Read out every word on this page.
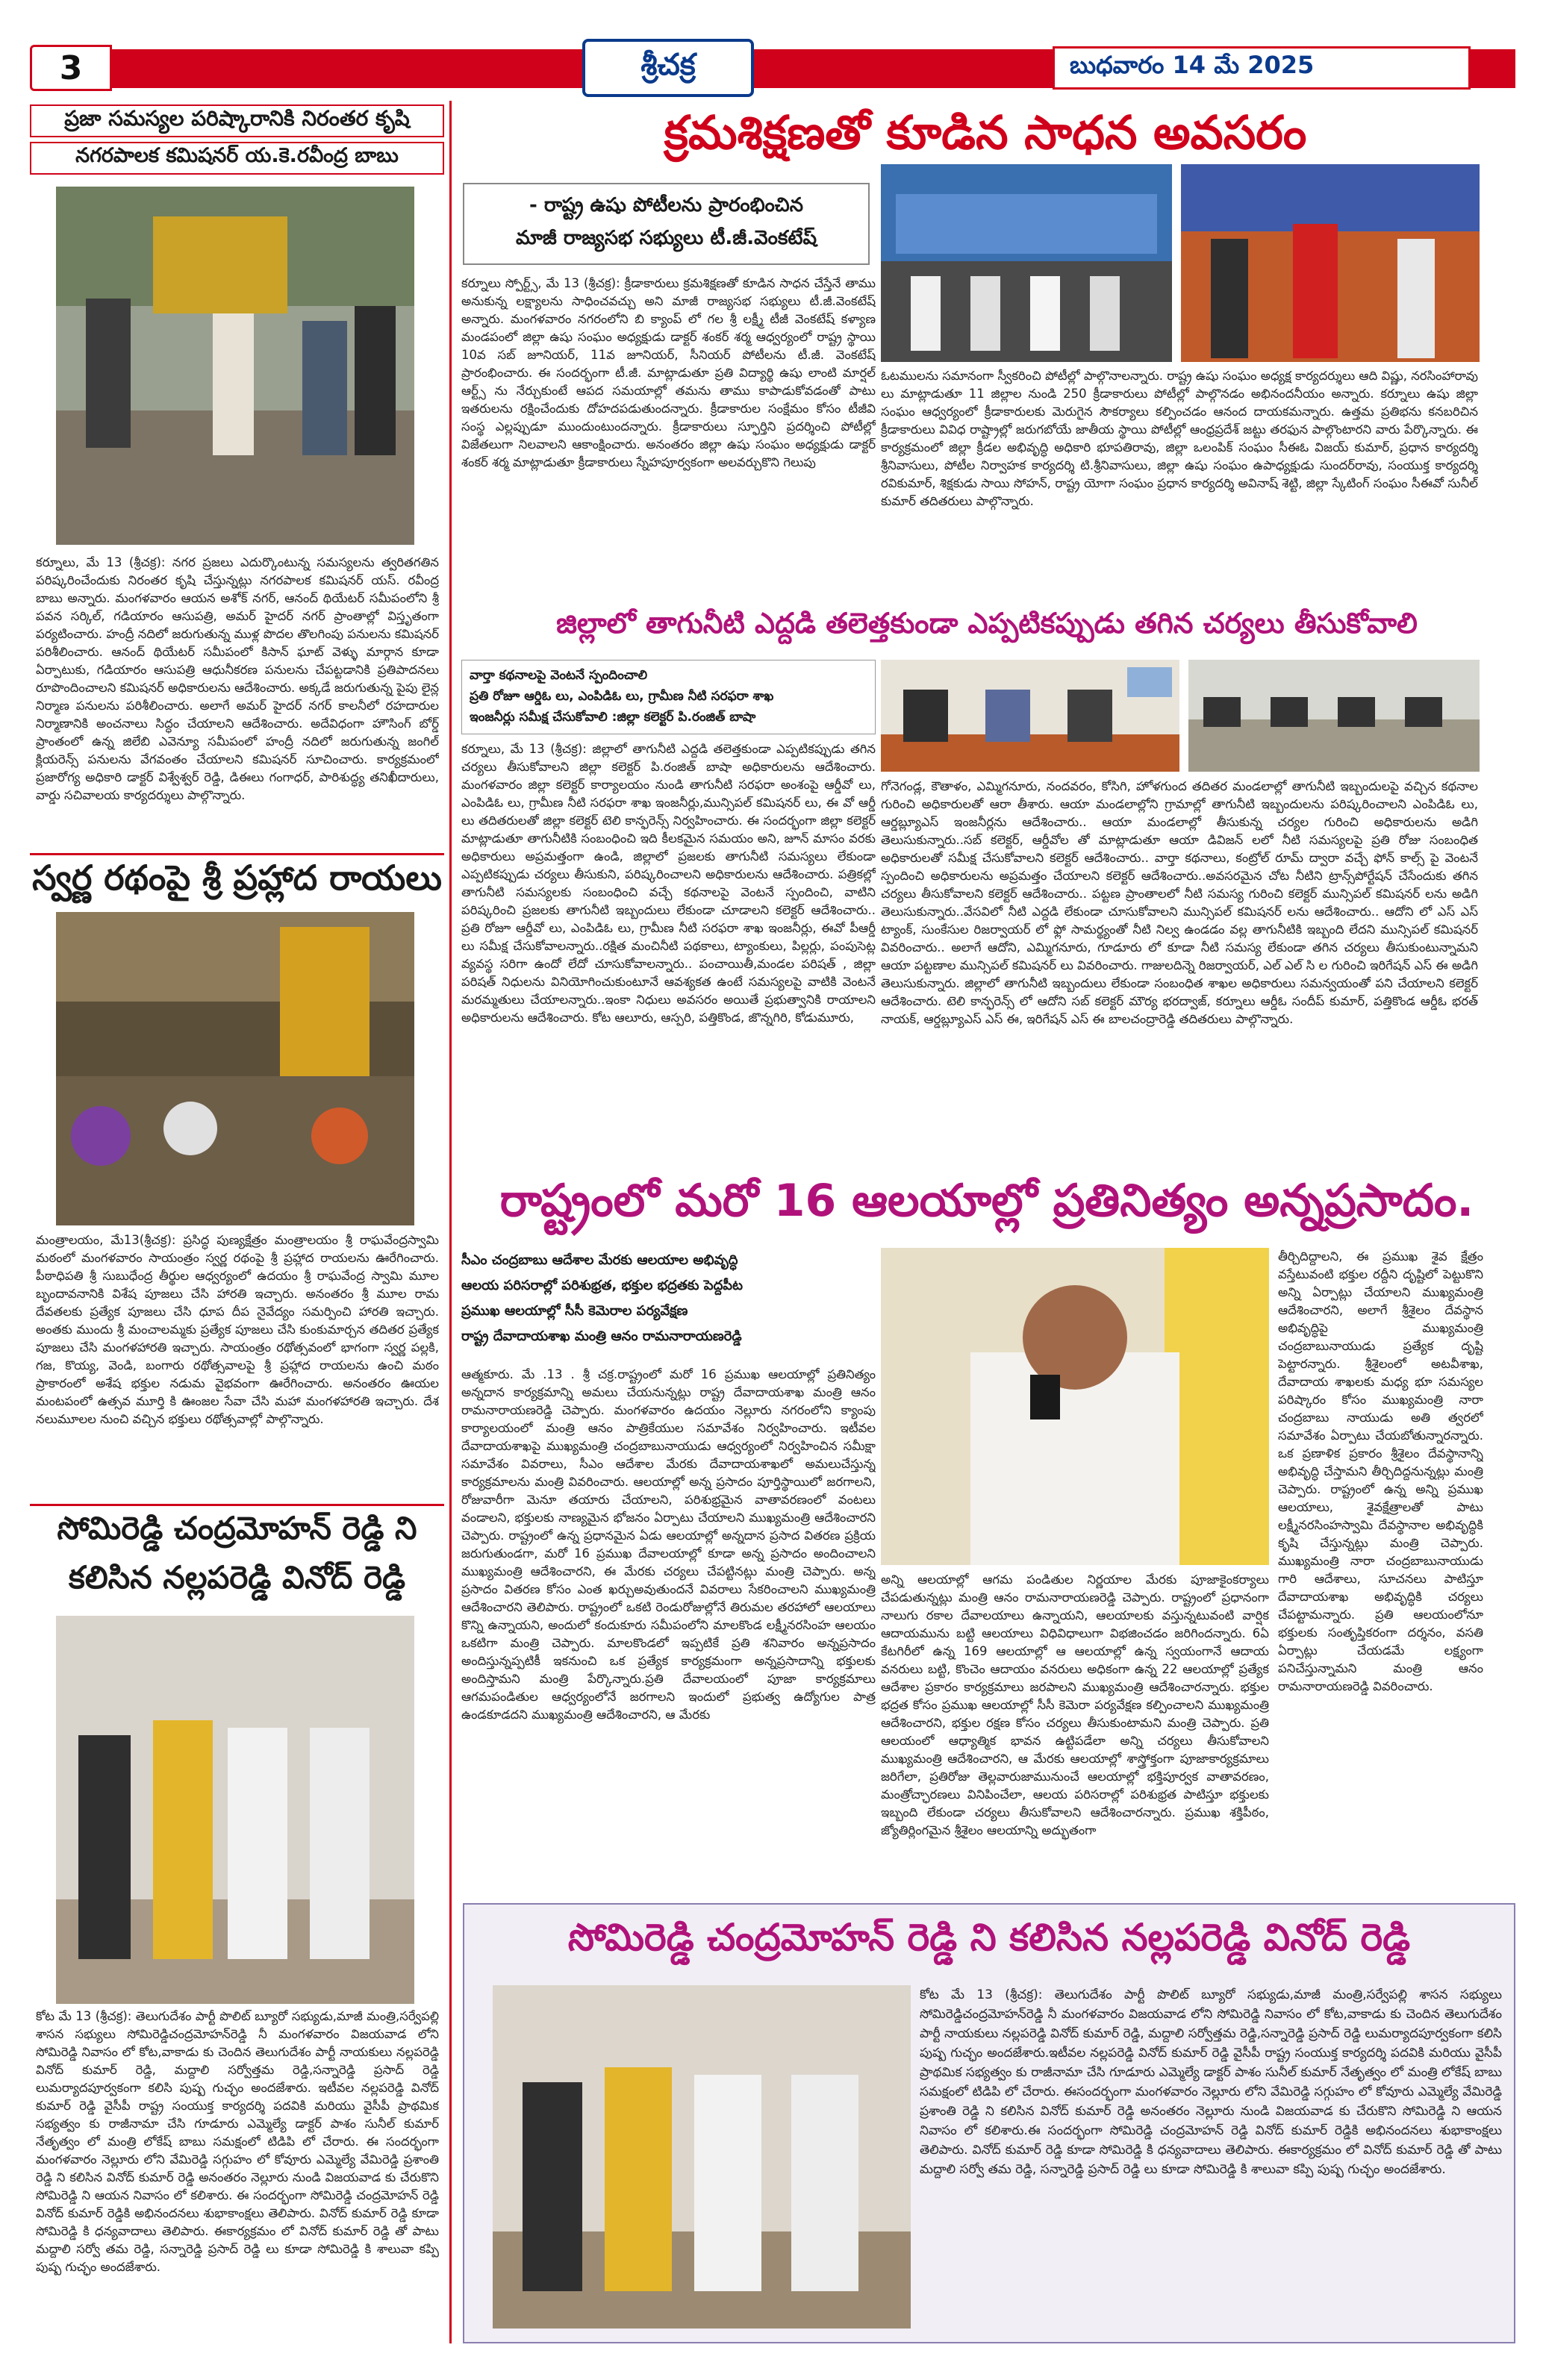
3	శ్రీచక్ర	బుధవారం 14 మే 2025
ప్రజా సమస్యల పరిష్కారానికి నిరంతర కృషి
నగరపాలక కమిషనర్ య.కె.రవీంద్ర బాబు
కర్నూలు, మే 13 (శ్రీచక్ర): నగర ప్రజలు ఎదుర్కొంటున్న సమస్యలను త్వరితగతిన పరిష్కరించేందుకు నిరంతర కృషి చేస్తున్నట్లు నగరపాలక కమిషనర్ యస్. రవీంద్ర బాబు అన్నారు. మంగళవారం ఆయన అశోక్ నగర్, ఆనంద్ థియేటర్ సమీపంలోని శ్రీ పవన సర్కిల్, గడియారం ఆసుపత్రి, అమర్ హైదర్ నగర్ ప్రాంతాల్లో విస్తృతంగా పర్యటించారు. హంద్రీ నదిలో జరుగుతున్న ముళ్ల పొదల తొలగింపు పనులను కమిషనర్ పరిశీలించారు. ఆనంద్ థియేటర్ సమీపంలో కిసాన్ ఘాట్ వెళ్ళు మార్గాన కూడా ఏర్పాటుకు, గడియారం ఆసుపత్రి ఆధునీకరణ పనులను చేపట్టడానికి ప్రతిపాదనలు రూపొందించాలని కమిషనర్ అధికారులను ఆదేశించారు. అక్కడే జరుగుతున్న పైపు లైన్ల నిర్మాణ పనులను పరిశీలించారు. అలాగే అమర్ హైదర్ నగర్ కాలనీలో రహదారుల నిర్మాణానికి అంచనాలు సిద్ధం చేయాలని ఆదేశించారు. అదేవిధంగా హౌసింగ్ బోర్డ్ ప్రాంతంలో ఉన్న జిలేబి ఎవెన్యూ సమీపంలో హంద్రీ నదిలో జరుగుతున్న జంగిల్ క్లియరెన్స్ పనులను వేగవంతం చేయాలని కమిషనర్ సూచించారు. కార్యక్రమంలో ప్రజారోగ్య అధికారి డాక్టర్ విశ్వేశ్వర్ రెడ్డి, డిఈలు గంగాధర్, పారిశుద్ధ్య తనిఖీదారులు, వార్డు సచివాలయ కార్యదర్శులు పాల్గొన్నారు.
స్వర్ణ రథంపై శ్రీ ప్రహ్లాద రాయలు
మంత్రాలయం, మే13(శ్రీచక్ర): ప్రసిద్ధ పుణ్యక్షేత్రం మంత్రాలయం శ్రీ రాఘవేంద్రస్వామి మఠంలో మంగళవారం సాయంత్రం స్వర్ణ రథంపై శ్రీ ప్రహ్లాద రాయలను ఊరేగించారు. పీఠాధిపతి శ్రీ సుబుధేంద్ర తీర్థుల ఆధ్వర్యంలో ఉదయం శ్రీ రాఘవేంద్ర స్వామి మూల బృందావనానికి విశేష పూజలు చేసి హారతి ఇచ్చారు. అనంతరం శ్రీ మూల రామ దేవతలకు ప్రత్యేక పూజలు చేసి ధూప దీప నైవేద్యం సమర్పించి హారతి ఇచ్చారు. అంతకు ముందు శ్రీ మంచాలమ్మకు ప్రత్యేక పూజలు చేసి కుంకుమార్చన తదితర ప్రత్యేక పూజలు చేసి మంగళహారతి ఇచ్చారు. సాయంత్రం రథోత్సవంలో భాగంగా స్వర్ణ పల్లకి, గజ, కొయ్య, వెండి, బంగారు రథోత్సవాలపై శ్రీ ప్రహ్లాద రాయలను ఉంచి మఠం ప్రాకారంలో అశేష భక్తుల నడుమ వైభవంగా ఊరేగించారు. అనంతరం ఊయల మంటపంలో ఉత్సవ మూర్తి కి ఊంజల సేవా చేసి మహా మంగళహారతి ఇచ్చారు. దేశ నలుమూలల నుంచి వచ్చిన భక్తులు రథోత్సవాల్లో పాల్గొన్నారు.
సోమిరెడ్డి చంద్రమోహన్ రెడ్డి ని
కలిసిన నల్లపరెడ్డి వినోద్ రెడ్డి
కోట మే 13 (శ్రీచక్ర): తెలుగుదేశం పార్టీ పొలిట్ బ్యూరో సభ్యుడు,మాజీ మంత్రి,సర్వేపల్లి శాసన సభ్యులు సోమిరెడ్డిచంద్రమోహన్‌రెడ్డి నీ మంగళవారం విజయవాడ లోని సోమిరెడ్డి నివాసం లో కోట,వాకాడు కు చెందిన తెలుగుదేశం పార్టీ నాయకులు నల్లపరెడ్డి వినోద్ కుమార్ రెడ్డి, మద్దాలి సర్వోత్తమ రెడ్డి,సన్నారెడ్డి ప్రసాద్ రెడ్డి లుమర్యాదపూర్వకంగా కలిసి పుష్ప గుచ్ఛం అందజేశారు. ఇటీవల నల్లపరెడ్డి వినోద్ కుమార్ రెడ్డి వైసీపీ రాష్ట్ర సంయుక్త కార్యదర్శి పదవికి మరియు వైసీపీ ప్రాథమిక సభ్యత్వం కు రాజీనామా చేసి గూడూరు ఎమ్మెల్యే డాక్టర్ పాశం సునీల్ కుమార్ నేతృత్వం లో మంత్రి లోకేష్ బాబు సమక్షంలో టిడిపి లో చేరారు. ఈ సందర్భంగా మంగళవారం నెల్లూరు లోని వేమిరెడ్డి సగ్గుహం లో కోవూరు ఎమ్మెల్యే వేమిరెడ్డి ప్రశాంతి రెడ్డి ని కలిసిన వినోద్ కుమార్ రెడ్డి అనంతరం నెల్లూరు నుండి విజయవాడ కు చేరుకొని సోమిరెడ్డి ని ఆయన నివాసం లో కలిశారు. ఈ సందర్భంగా సోమిరెడ్డి చంద్రమోహన్ రెడ్డి వినోద్ కుమార్ రెడ్డికి అభినందనలు శుభాకాంక్షలు తెలిపారు. వినోద్ కుమార్ రెడ్డి కూడా సోమిరెడ్డి కి ధన్యవాదాలు తెలిపారు. ఈకార్యక్రమం లో వినోద్ కుమార్ రెడ్డి తో పాటు మద్దాలి సర్వో తమ రెడ్డి, సన్నారెడ్డి ప్రసాద్ రెడ్డి లు కూడా సోమిరెడ్డి కి శాలువా కప్పి పుష్ప గుచ్ఛం అందజేశారు.
క్రమశిక్షణతో కూడిన సాధన అవసరం
- రాష్ట్ర ఉషు పోటీలను ప్రారంభించిన
మాజీ రాజ్యసభ సభ్యులు టీ.జీ.వెంకటేష్
కర్నూలు స్పోర్ట్స్, మే 13 (శ్రీచక్ర): క్రీడాకారులు క్రమశిక్షణతో కూడిన సాధన చేస్తేనే తాము అనుకున్న లక్ష్యాలను సాధించవచ్చు అని మాజీ రాజ్యసభ సభ్యులు టీ.జీ.వెంకటేష్ అన్నారు. మంగళవారం నగరంలోని బి క్యాంప్ లో గల శ్రీ లక్ష్మీ టీజీ వెంకటేష్ కళ్యాణ మండపంలో జిల్లా ఉషు సంఘం అధ్యక్షుడు డాక్టర్ శంకర్ శర్మ ఆధ్వర్యంలో రాష్ట్ర స్థాయి 10వ సబ్ జూనియర్, 11వ జూనియర్, సీనియర్ పోటీలను టీ.జీ. వెంకటేష్ ప్రారంభించారు. ఈ సందర్భంగా టీ.జీ. మాట్లాడుతూ ప్రతి విద్యార్థి ఉషు లాంటి మార్షల్ ఆర్ట్స్ ను నేర్చుకుంటే ఆపద సమయాల్లో తమను తాము కాపాడుకోవడంతో పాటు ఇతరులను రక్షించేందుకు దోహదపడుతుందన్నారు. క్రీడాకారుల సంక్షేమం కోసం టీజీవి సంస్థ ఎల్లప్పుడూ ముందుంటుందన్నారు. క్రీడాకారులు స్ఫూర్తిని ప్రదర్శించి పోటీల్లో విజేతలుగా నిలవాలని ఆకాంక్షించారు. అనంతరం జిల్లా ఉషు సంఘం అధ్యక్షుడు డాక్టర్ శంకర్ శర్మ మాట్లాడుతూ క్రీడాకారులు స్నేహపూర్వకంగా అలవర్చుకొని గెలుపు
ఓటములను సమానంగా స్వీకరించి పోటీల్లో పాల్గొనాలన్నారు. రాష్ట్ర ఉషు సంఘం అధ్యక్ష కార్యదర్శులు ఆది విష్ణు, నరసింహారావు లు మాట్లాడుతూ 11 జిల్లాల నుండి 250 క్రీడాకారులు పోటీల్లో పాల్గొనడం అభినందనీయం అన్నారు. కర్నూలు ఉషు జిల్లా సంఘం ఆధ్వర్యంలో క్రీడాకారులకు మెరుగైన సౌకర్యాలు కల్పించడం ఆనంద దాయకమన్నారు. ఉత్తమ ప్రతిభను కనబరిచిన క్రీడాకారులు వివిధ రాష్ట్రాల్లో జరుగబోయే జాతీయ స్థాయి పోటీల్లో ఆంధ్రప్రదేశ్ జట్టు తరఫున పాల్గొంటారని వారు పేర్కొన్నారు. ఈ కార్యక్రమంలో జిల్లా క్రీడల అభివృద్ధి అధికారి భూపతిరావు, జిల్లా ఒలంపిక్ సంఘం సీఈఓ విజయ్ కుమార్, ప్రధాన కార్యదర్శి శ్రీనివాసులు, పోటీల నిర్వాహక కార్యదర్శి టి.శ్రీనివాసులు, జిల్లా ఉషు సంఘం ఉపాధ్యక్షుడు సుందర్‌రావు, సంయుక్త కార్యదర్శి రవికుమార్, శిక్షకుడు సాయి సోహన్, రాష్ట్ర యోగా సంఘం ప్రధాన కార్యదర్శి అవినాష్ శెట్టి, జిల్లా స్కేటింగ్ సంఘం సీఈవో సునీల్ కుమార్ తదితరులు పాల్గొన్నారు.
జిల్లాలో తాగునీటి ఎద్దడి తలెత్తకుండా ఎప్పటికప్పుడు తగిన చర్యలు తీసుకోవాలి
వార్తా కథనాలపై వెంటనే స్పందించాలి
ప్రతి రోజూ ఆర్డిఓ లు, ఎంపిడిఓ లు, గ్రామీణ నీటి సరఫరా శాఖ
ఇంజనీర్లు సమీక్ష చేసుకోవాలి :జిల్లా కలెక్టర్ పి.రంజిత్ బాషా
కర్నూలు, మే 13 (శ్రీచక్ర): జిల్లాలో తాగునీటి ఎద్దడి తలెత్తకుండా ఎప్పటికప్పుడు తగిన చర్యలు తీసుకోవాలని జిల్లా కలెక్టర్ పి.రంజిత్ బాషా అధికారులను ఆదేశించారు. మంగళవారం జిల్లా కలెక్టర్ కార్యాలయం నుండి తాగునీటి సరఫరా అంశంపై ఆర్డీవో లు, ఎంపిడిఓ లు, గ్రామీణ నీటి సరఫరా శాఖ ఇంజనీర్లు,మున్సిపల్ కమిషనర్ లు, ఈ వో ఆర్డీ లు తదితరులతో జిల్లా కలెక్టర్ టెలి కాన్ఫరెన్స్ నిర్వహించారు. ఈ సందర్భంగా జిల్లా కలెక్టర్ మాట్లాడుతూ తాగునీటికి సంబంధించి ఇది కీలకమైన సమయం అని, జూన్ మాసం వరకు అధికారులు అప్రమత్తంగా ఉండి, జిల్లాలో ప్రజలకు తాగునీటి సమస్యలు లేకుండా ఎప్పటికప్పుడు చర్యలు తీసుకుని, పరిష్కరించాలని అధికారులను ఆదేశించారు. పత్రికల్లో తాగునీటి సమస్యలకు సంబంధించి వచ్చే కథనాలపై వెంటనే స్పందించి, వాటిని పరిష్కరించి ప్రజలకు తాగునీటి ఇబ్బందులు లేకుండా చూడాలని కలెక్టర్ ఆదేశించారు.. ప్రతి రోజూ ఆర్డీవో లు, ఎంపిడిఓ లు, గ్రామీణ నీటి సరఫరా శాఖ ఇంజనీర్లు, ఈవో పీఆర్డీ లు సమీక్ష చేసుకోవాలన్నారు..రక్షిత మంచినీటి పథకాలు, ట్యాంకులు, పిల్లర్లు, పంపుసెట్ల వ్యవస్థ సరిగా ఉందో లేదో చూసుకోవాలన్నారు.. పంచాయితీ,మండల పరిషత్ , జిల్లా పరిషత్ నిధులను వినియోగించుకుంటూనే ఆవశ్యకత ఉంటే సమస్యలపై వాటికి వెంటనే మరమ్మతులు చేయాలన్నారు..ఇంకా నిధులు అవసరం అయితే ప్రభుత్వానికి రాయాలని అధికారులను ఆదేశించారు. కోట ఆలూరు, ఆస్పరి, పత్తికొండ, జొన్నగిరి, కోడుమూరు,
గోనెగండ్ల, కౌతాళం, ఎమ్మిగనూరు, నందవరం, కోసిగి, హోళగుంద తదితర మండలాల్లో తాగునీటి ఇబ్బందులపై వచ్చిన కథనాల గురించి అధికారులతో ఆరా తీశారు. ఆయా మండలాల్లోని గ్రామాల్లో తాగునీటి ఇబ్బందులను పరిష్కరించాలని ఎంపిడిఓ లు, ఆర్డబ్ల్యూఎస్ ఇంజనీర్లను ఆదేశించారు.. ఆయా మండలాల్లో తీసుకున్న చర్యల గురించి అధికారులను అడిగి తెలుసుకున్నారు..సబ్ కలెక్టర్, ఆర్డీవోల తో మాట్లాడుతూ ఆయా డివిజన్ లలో నీటి సమస్యలపై ప్రతి రోజు సంబంధిత అధికారులతో సమీక్ష చేసుకోవాలని కలెక్టర్ ఆదేశించారు.. వార్తా కథనాలు, కంట్రోల్ రూమ్ ద్వారా వచ్చే ఫోన్ కాల్స్ పై వెంటనే స్పందించి అధికారులను అప్రమత్తం చేయాలని కలెక్టర్ ఆదేశించారు..అవసరమైన చోట నీటిని ట్రాన్స్‌పోర్టేషన్ చేసేందుకు తగిన చర్యలు తీసుకోవాలని కలెక్టర్ ఆదేశించారు.. పట్టణ ప్రాంతాలలో నీటి సమస్య గురించి కలెక్టర్ మున్సిపల్ కమిషనర్ లను అడిగి తెలుసుకున్నారు..వేసవిలో నీటి ఎద్దడి లేకుండా చూసుకోవాలని మున్సిపల్ కమిషనర్ లను ఆదేశించారు.. ఆదోని లో ఎస్ ఎస్ ట్యాంక్, సుంకేసుల రిజర్వాయర్ లో ఫ్లో సామర్థ్యంతో నీటి నిల్వ ఉండడం వల్ల తాగునీటికి ఇబ్బంది లేదని మున్సిపల్ కమిషనర్ వివరించారు.. అలాగే ఆదోని, ఎమ్మిగనూరు, గూడూరు లో కూడా నీటి సమస్య లేకుండా తగిన చర్యలు తీసుకుంటున్నామని ఆయా పట్టణాల మున్సిపల్ కమిషనర్ లు వివరించారు. గాజులదిన్నె రిజర్వాయర్, ఎల్ ఎల్ సి ల గురించి ఇరిగేషన్ ఎస్ ఈ అడిగి తెలుసుకున్నారు. జిల్లాలో తాగునీటి ఇబ్బందులు లేకుండా సంబంధిత శాఖల అధికారులు సమన్వయంతో పని చేయాలని కలెక్టర్ ఆదేశించారు. టెలి కాన్ఫరెన్స్ లో ఆదోని సబ్ కలెక్టర్ మౌర్య భరద్వాజ్, కర్నూలు ఆర్డీఓ సందీప్ కుమార్, పత్తికొండ ఆర్డీఓ భరత్ నాయక్, ఆర్డబ్ల్యూఎస్ ఎస్ ఈ, ఇరిగేషన్ ఎస్ ఈ బాలచంద్రారెడ్డి తదితరులు పాల్గొన్నారు.
రాష్ట్రంలో మరో 16 ఆలయాల్లో ప్రతినిత్యం అన్నప్రసాదం.
సీఎం చంద్రబాబు ఆదేశాల మేరకు ఆలయాల అభివృద్ధి
ఆలయ పరిసరాల్లో పరిశుభ్రత, భక్తుల భద్రతకు పెద్దపీట
ప్రముఖ ఆలయాల్లో సీసీ కెమెరాల పర్యవేక్షణ
రాష్ట్ర దేవాదాయశాఖ మంత్రి ఆనం రామనారాయణరెడ్డి
ఆత్మకూరు. మే .13 . శ్రీ చక్ర.రాష్ట్రంలో మరో 16 ప్రముఖ ఆలయాల్లో ప్రతినిత్యం అన్నదాన కార్యక్రమాన్ని అమలు చేయనున్నట్లు రాష్ట్ర దేవాదాయశాఖ మంత్రి ఆనం రామనారాయణరెడ్డి చెప్పారు. మంగళవారం ఉదయం నెల్లూరు నగరంలోని క్యాంపు కార్యాలయంలో మంత్రి ఆనం పాత్రికేయుల సమావేశం నిర్వహించారు. ఇటీవల దేవాదాయశాఖపై ముఖ్యమంత్రి చంద్రబాబునాయుడు ఆధ్వర్యంలో నిర్వహించిన సమీక్షా సమావేశం వివరాలు, సీఎం ఆదేశాల మేరకు దేవాదాయశాఖలో అమలుచేస్తున్న కార్యక్రమాలను మంత్రి వివరించారు. ఆలయాల్లో అన్న ప్రసాదం పూర్తిస్థాయిలో జరగాలని, రోజువారీగా మెనూ తయారు చేయాలని, పరిశుభ్రమైన వాతావరణంలో వంటలు వండాలని, భక్తులకు నాణ్యమైన భోజనం ఏర్పాటు చేయాలని ముఖ్యమంత్రి ఆదేశించారని చెప్పారు. రాష్ట్రంలో ఉన్న ప్రధానమైన ఏడు ఆలయాల్లో అన్నదాన ప్రసాద వితరణ ప్రక్రియ జరుగుతుండగా, మరో 16 ప్రముఖ దేవాలయాల్లో కూడా అన్న ప్రసాదం అందించాలని ముఖ్యమంత్రి ఆదేశించారని, ఈ మేరకు చర్యలు చేపట్టినట్లు మంత్రి చెప్పారు. అన్న ప్రసాదం వితరణ కోసం ఎంత ఖర్చుఅవుతుందనే వివరాలు సేకరించాలని ముఖ్యమంత్రి ఆదేశించారని తెలిపారు. రాష్ట్రంలో ఒకటి రెండురోజుల్లోనే తిరుమల తరహాలో ఆలయాలు కొన్ని ఉన్నాయని, అందులో కందుకూరు సమీపంలోని మాలకొండ లక్ష్మీనరసింహ ఆలయం ఒకటిగా మంత్రి చెప్పారు. మాలకొండలో ఇప్పటికే ప్రతి శనివారం అన్నప్రసాదం అందిస్తున్నప్పటికీ ఇకనుంచి ఒక ప్రత్యేక కార్యక్రమంగా అన్నప్రసాదాన్ని భక్తులకు అందిస్తామని మంత్రి పేర్కొన్నారు.ప్రతి దేవాలయంలో పూజా కార్యక్రమాలు ఆగమపండితుల ఆధ్వర్యంలోనే జరగాలని ఇందులో ప్రభుత్వ ఉద్యోగుల పాత్ర ఉండకూడదని ముఖ్యమంత్రి ఆదేశించారని, ఆ మేరకు
అన్ని ఆలయాల్లో ఆగమ పండితుల నిర్ణయాల మేరకు పూజాకైంకర్యాలు చేపడుతున్నట్లు మంత్రి ఆనం రామనారాయణరెడ్డి చెప్పారు. రాష్ట్రంలో ప్రధానంగా నాలుగు రకాల దేవాలయాలు ఉన్నాయని, ఆలయాలకు వస్తున్నటువంటి వార్షిక ఆదాయమును బట్టి ఆలయాలు విధివిధాలుగా విభజించడం జరిగిందన్నారు. 6ఏ కేటగిరీలో ఉన్న 169 ఆలయాల్లో ఆ ఆలయాల్లో ఉన్న స్వయంగానే ఆదాయ వనరులు బట్టి, కొంచెం ఆదాయం వనరులు అధికంగా ఉన్న 22 ఆలయాల్లో ప్రత్యేక ఆదేశాల ప్రకారం కార్యక్రమాలు జరపాలని ముఖ్యమంత్రి ఆదేశించారన్నారు. భక్తుల భద్రత కోసం ప్రముఖ ఆలయాల్లో సీసీ కెమెరా పర్యవేక్షణ కల్పించాలని ముఖ్యమంత్రి ఆదేశించారని, భక్తుల రక్షణ కోసం చర్యలు తీసుకుంటామని మంత్రి చెప్పారు. ప్రతి ఆలయంలో ఆధ్యాత్మిక భావన ఉట్టిపడేలా అన్ని చర్యలు తీసుకోవాలని ముఖ్యమంత్రి ఆదేశించారని, ఆ మేరకు ఆలయాల్లో శాస్త్రోక్తంగా పూజాకార్యక్రమాలు జరిగేలా, ప్రతిరోజు తెల్లవారుజామునుంచే ఆలయాల్లో భక్తిపూర్వక వాతావరణం, మంత్రోచ్ఛారణలు వినిపించేలా, ఆలయ పరిసరాల్లో పరిశుభ్రత పాటిస్తూ భక్తులకు ఇబ్బంది లేకుండా చర్యలు తీసుకోవాలని ఆదేశించారన్నారు. ప్రముఖ శక్తిపీఠం, జ్యోతిర్లింగమైన శ్రీశైలం ఆలయాన్ని అద్భుతంగా
తీర్చిదిద్దాలని, ఈ ప్రముఖ శైవ క్షేత్రం వస్తేటువంటి భక్తుల రద్దీని దృష్టిలో పెట్టుకొని అన్ని ఏర్పాట్లు చేయాలని ముఖ్యమంత్రి ఆదేశించారని, అలాగే శ్రీశైలం దేవస్థాన అభివృద్ధిపై ముఖ్యమంత్రి చంద్రబాబునాయుడు ప్రత్యేక దృష్టి పెట్టారన్నారు. శ్రీశైలంలో అటవీశాఖ, దేవాదాయ శాఖలకు మధ్య భూ సమస్యల పరిష్కారం కోసం ముఖ్యమంత్రి నారా చంద్రబాబు నాయుడు అతి త్వరలో సమావేశం ఏర్పాటు చేయబోతున్నారన్నారు. ఒక ప్రణాళిక ప్రకారం శ్రీశైలం దేవస్థానాన్ని అభివృద్ధి చేస్తామని తీర్చిదిద్దనున్నట్లు మంత్రి చెప్పారు. రాష్ట్రంలో ఉన్న అన్ని ప్రముఖ ఆలయాలు, శైవక్షేత్రాలతో పాటు లక్ష్మీనరసింహస్వామి దేవస్థానాల అభివృద్ధికి కృషి చేస్తున్నట్లు మంత్రి చెప్పారు. ముఖ్యమంత్రి నారా చంద్రబాబునాయుడు గారి ఆదేశాలు, సూచనలు పాటిస్తూ దేవాదాయశాఖ అభివృద్ధికి చర్యలు చేపట్టామన్నారు. ప్రతి ఆలయంలోనూ భక్తులకు సంతృప్తికరంగా దర్శనం, వసతి ఏర్పాట్లు చేయడమే లక్ష్యంగా పనిచేస్తున్నామని మంత్రి ఆనం రామనారాయణరెడ్డి వివరించారు.
సోమిరెడ్డి చంద్రమోహన్ రెడ్డి ని కలిసిన నల్లపరెడ్డి వినోద్ రెడ్డి
కోట మే 13 (శ్రీచక్ర): తెలుగుదేశం పార్టీ పొలిట్ బ్యూరో సభ్యుడు,మాజీ మంత్రి,సర్వేపల్లి శాసన సభ్యులు సోమిరెడ్డిచంద్రమోహన్‌రెడ్డి నీ మంగళవారం విజయవాడ లోని సోమిరెడ్డి నివాసం లో కోట,వాకాడు కు చెందిన తెలుగుదేశం పార్టీ నాయకులు నల్లపరెడ్డి వినోద్ కుమార్ రెడ్డి, మద్దాలి సర్వోత్తమ రెడ్డి,సన్నారెడ్డి ప్రసాద్ రెడ్డి లుమర్యాదపూర్వకంగా కలిసి పుష్ప గుచ్ఛం అందజేశారు.ఇటీవల నల్లపరెడ్డి వినోద్ కుమార్ రెడ్డి వైసీపీ రాష్ట్ర సంయుక్త కార్యదర్శి పదవికి మరియు వైసీపీ ప్రాథమిక సభ్యత్వం కు రాజీనామా చేసి గూడూరు ఎమ్మెల్యే డాక్టర్ పాశం సునీల్ కుమార్ నేతృత్వం లో మంత్రి లోకేష్ బాబు సమక్షంలో టిడిపి లో చేరారు. ఈసందర్భంగా మంగళవారం నెల్లూరు లోని వేమిరెడ్డి సగ్గుహం లో కోవూరు ఎమ్మెల్యే వేమిరెడ్డి ప్రశాంతి రెడ్డి ని కలిసిన వినోద్ కుమార్ రెడ్డి అనంతరం నెల్లూరు నుండి విజయవాడ కు చేరుకొని సోమిరెడ్డి ని ఆయన నివాసం లో కలిశారు.ఈ సందర్భంగా సోమిరెడ్డి చంద్రమోహన్ రెడ్డి వినోద్ కుమార్ రెడ్డికి అభినందనలు శుభాకాంక్షలు తెలిపారు. వినోద్ కుమార్ రెడ్డి కూడా సోమిరెడ్డి కి ధన్యవాదాలు తెలిపారు. ఈకార్యక్రమం లో వినోద్ కుమార్ రెడ్డి తో పాటు మద్దాలి సర్వో తమ రెడ్డి, సన్నారెడ్డి ప్రసాద్ రెడ్డి లు కూడా సోమిరెడ్డి కి శాలువా కప్పి పుష్ప గుచ్ఛం అందజేశారు.
